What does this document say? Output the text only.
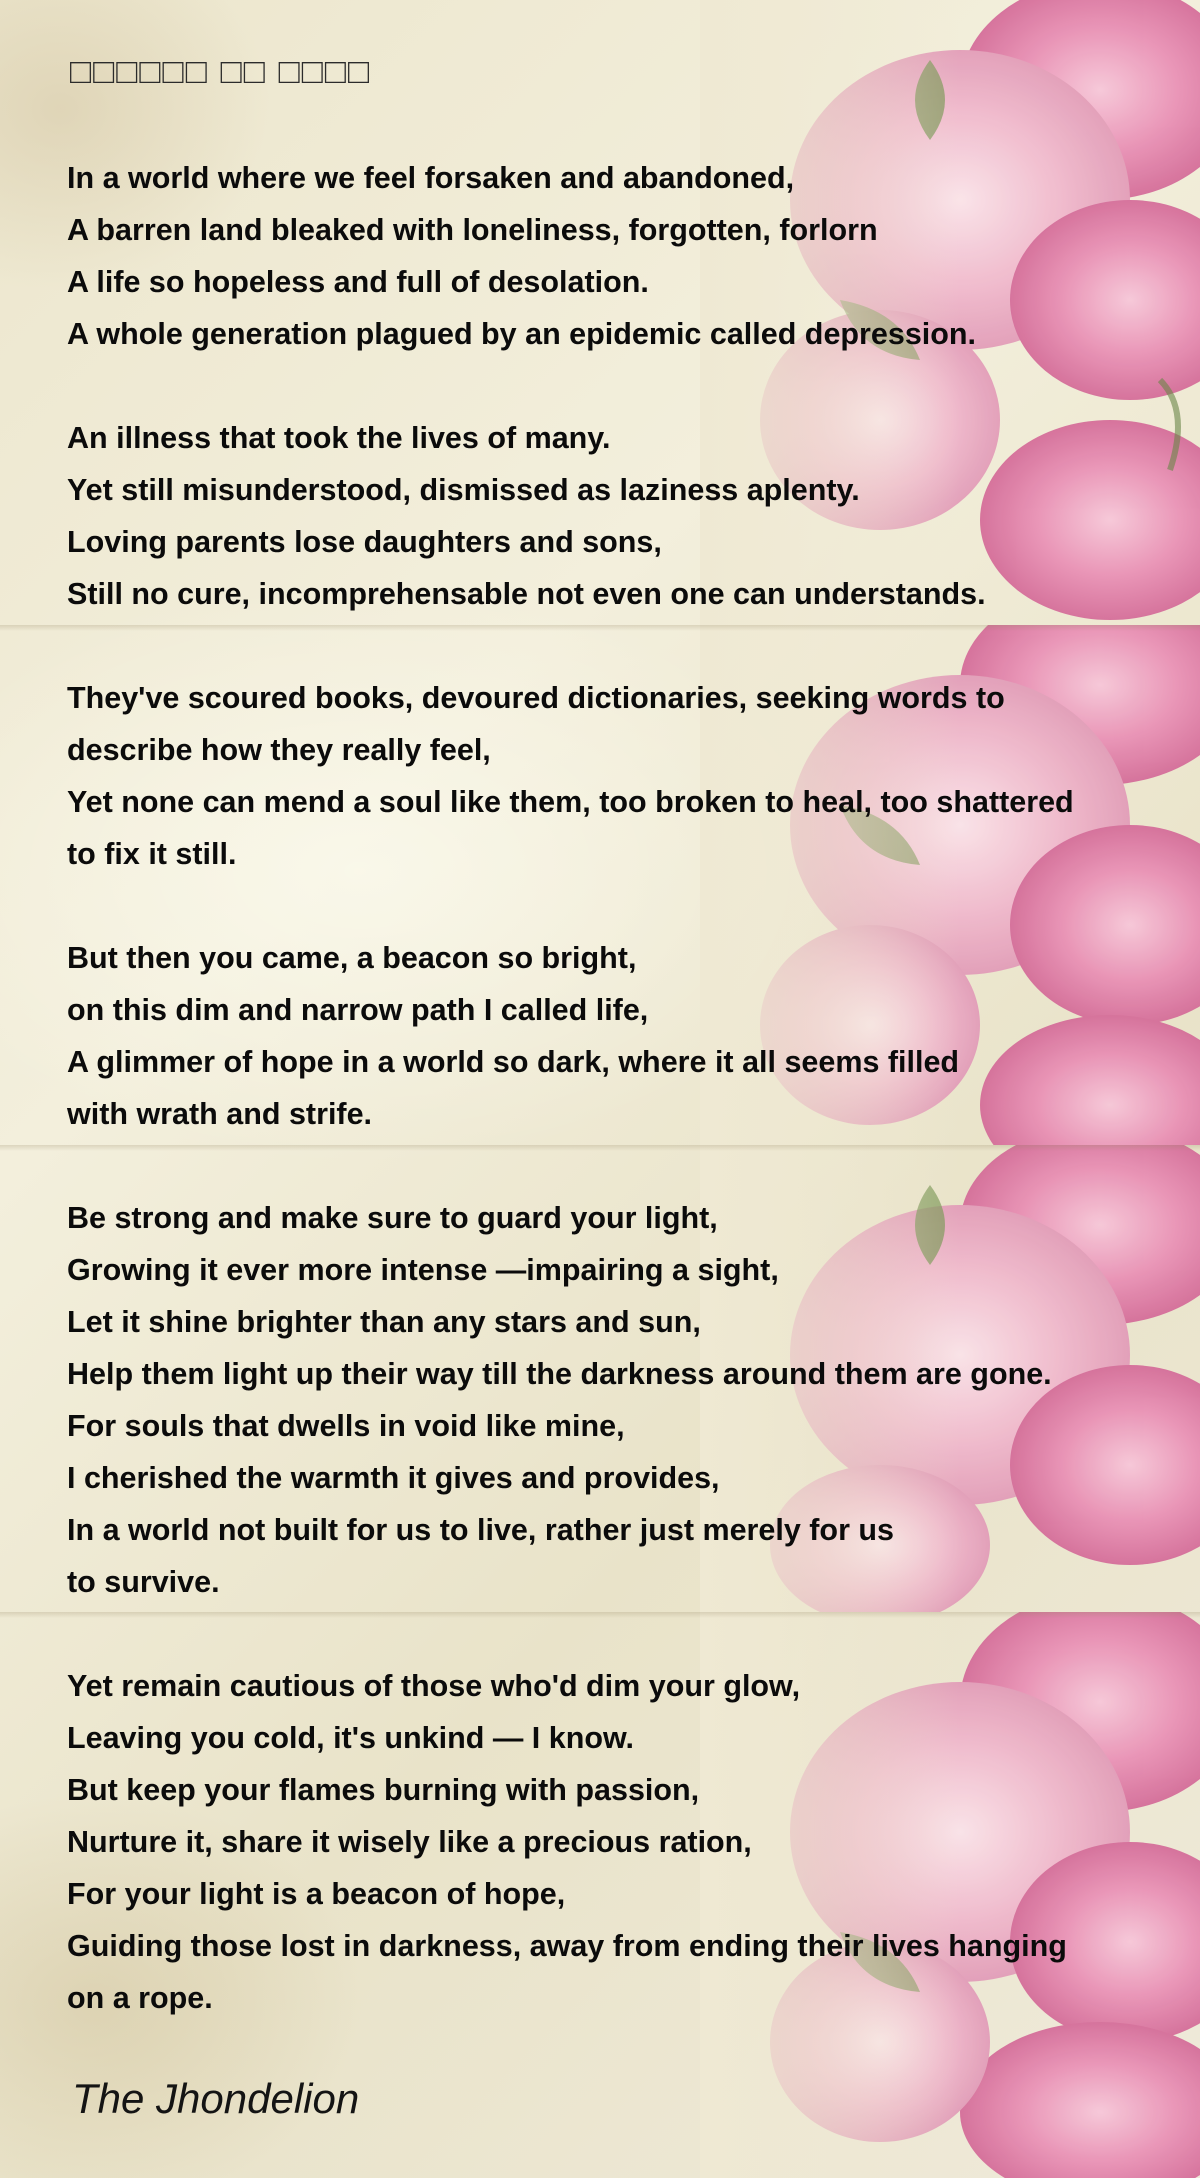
□□□□□□ □□ □□□□

In a world where we feel forsaken and abandoned,
A barren land bleaked with loneliness, forgotten, forlorn
A life so hopeless and full of desolation.
A whole generation plagued by an epidemic called depression.

An illness that took the lives of many.
Yet still misunderstood, dismissed as laziness aplenty.
Loving parents lose daughters and sons,
Still no cure, incomprehensable not even one can understands.

They've scoured books, devoured dictionaries, seeking words to
describe how they really feel,
Yet none can mend a soul like them, too broken to heal, too shattered
to fix it still.

But then you came, a beacon so bright,
on this dim and narrow path I called life,
A glimmer of hope in a world so dark, where it all seems filled
with wrath and strife.

Be strong and make sure to guard your light,
Growing it ever more intense —impairing a sight,
Let it shine brighter than any stars and sun,
Help them light up their way till the darkness around them are gone.
For souls that dwells in void like mine,
I cherished the warmth it gives and provides,
In a world not built for us to live, rather just merely for us
to survive.

Yet remain cautious of those who'd dim your glow,
Leaving you cold, it's unkind — I know.
But keep your flames burning with passion,
Nurture it, share it wisely like a precious ration,
For your light is a beacon of hope,
Guiding those lost in darkness, away from ending their lives hanging
on a rope.

The Jhondelion
